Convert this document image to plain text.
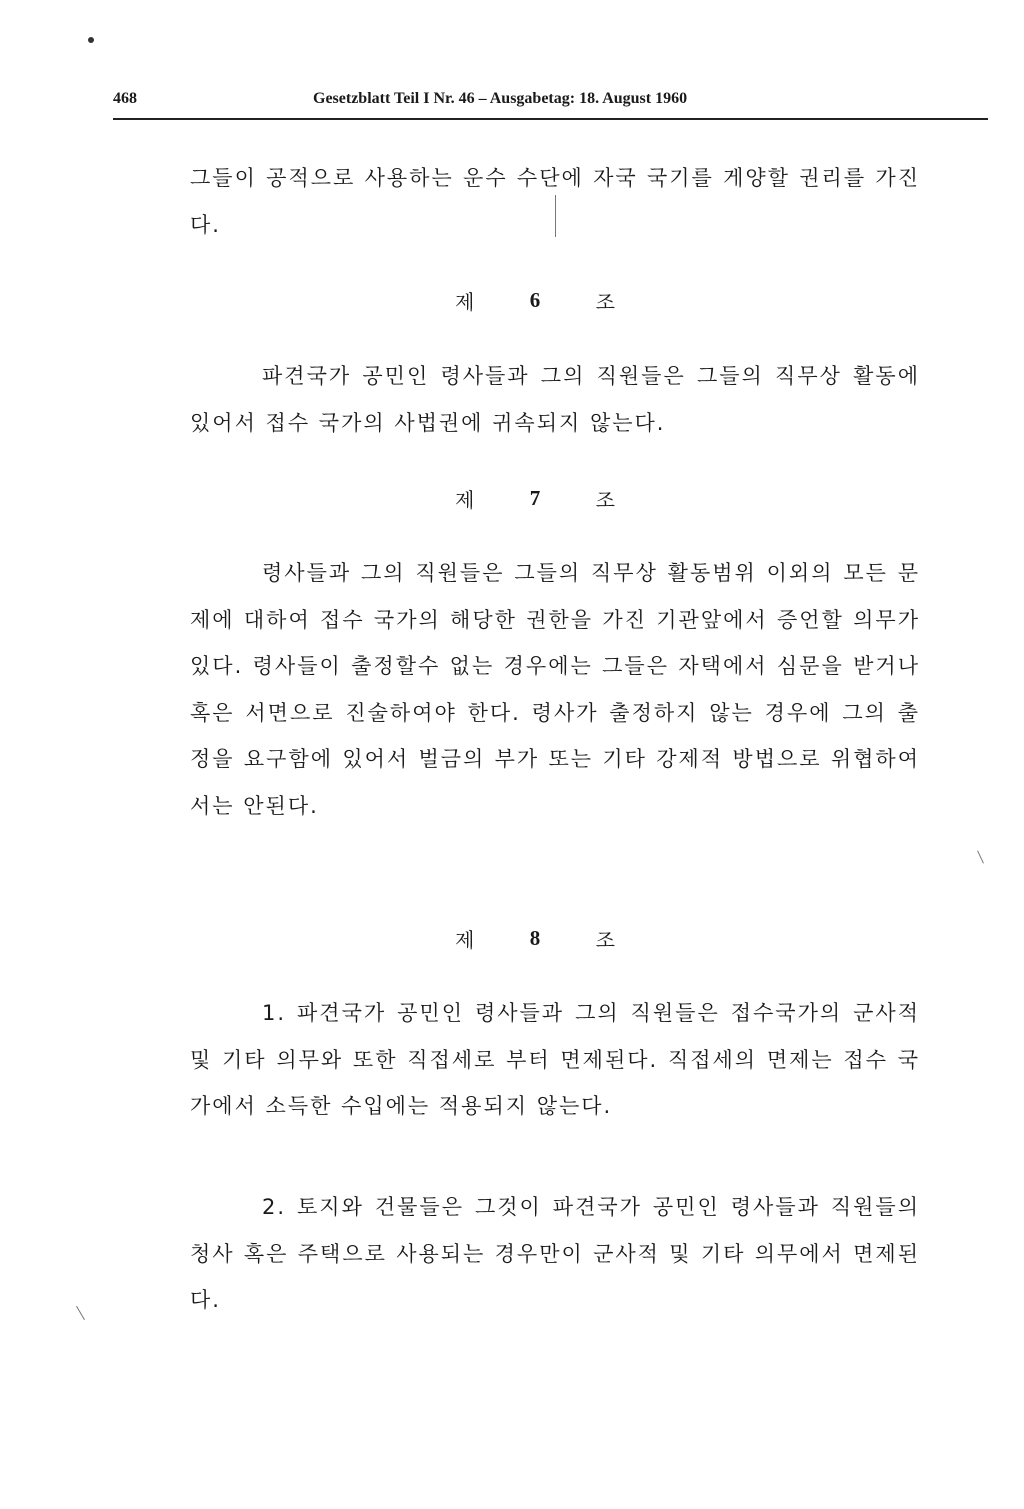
468	Gesetzblatt Teil I Nr. 46 – Ausgabetag: 18. August 1960

그들이 공적으로 사용하는 운수 수단에 자국 국기를 게양할 권리를 가진다.

제	6	조

파견국가 공민인 령사들과 그의 직원들은 그들의 직무상 활동에 있어서 접수 국가의 사법권에 귀속되지 않는다.

제	7	조

령사들과 그의 직원들은 그들의 직무상 활동범위 이외의 모든 문제에 대하여 접수 국가의 해당한 권한을 가진 기관앞에서 증언할 의무가 있다. 령사들이 출정할수 없는 경우에는 그들은 자택에서 심문을 받거나 혹은 서면으로 진술하여야 한다. 령사가 출정하지 않는 경우에 그의 출정을 요구함에 있어서 벌금의 부가 또는 기타 강제적 방법으로 위협하여서는 안된다.

제	8	조

1. 파견국가 공민인 령사들과 그의 직원들은 접수국가의 군사적 및 기타 의무와 또한 직접세로 부터 면제된다. 직접세의 면제는 접수 국가에서 소득한 수입에는 적용되지 않는다.

2. 토지와 건물들은 그것이 파견국가 공민인 령사들과 직원들의 청사 혹은 주택으로 사용되는 경우만이 군사적 및 기타 의무에서 면제된다.
